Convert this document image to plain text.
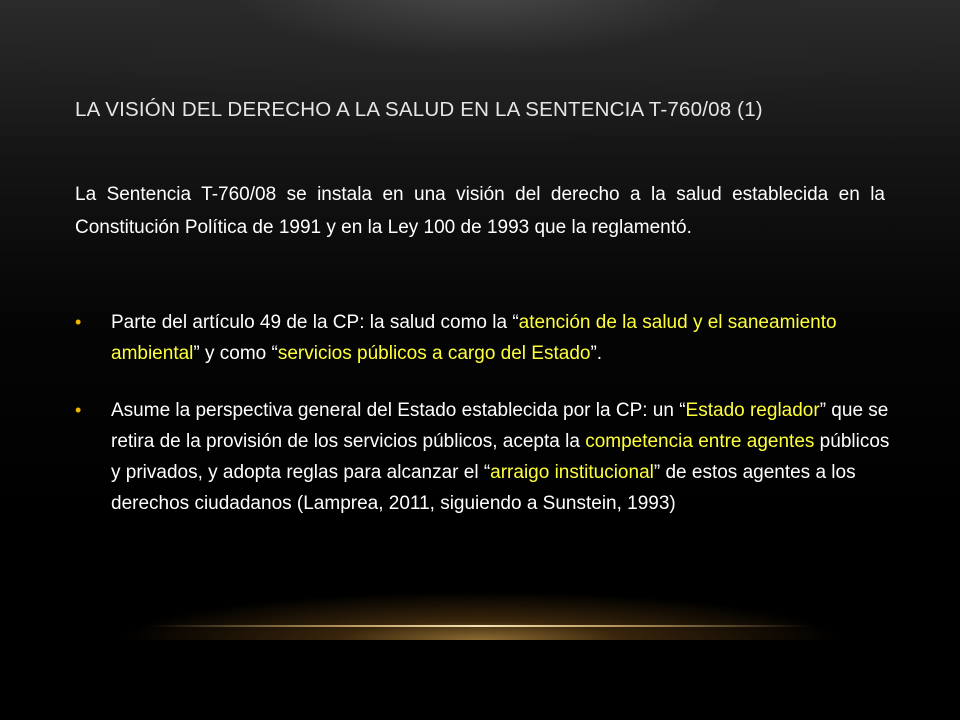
LA VISIÓN DEL DERECHO A LA SALUD EN LA SENTENCIA T-760/08 (1)

La Sentencia T-760/08 se instala en una visión del derecho a la salud establecida en la Constitución Política de 1991 y en la Ley 100 de 1993 que la reglamentó.

• Parte del artículo 49 de la CP: la salud como la “atención de la salud y el saneamiento ambiental” y como “servicios públicos a cargo del Estado”.
• Asume la perspectiva general del Estado establecida por la CP: un “Estado reglador” que se retira de la provisión de los servicios públicos, acepta la competencia entre agentes públicos y privados, y adopta reglas para alcanzar el “arraigo institucional” de estos agentes a los derechos ciudadanos (Lamprea, 2011, siguiendo a Sunstein, 1993)
